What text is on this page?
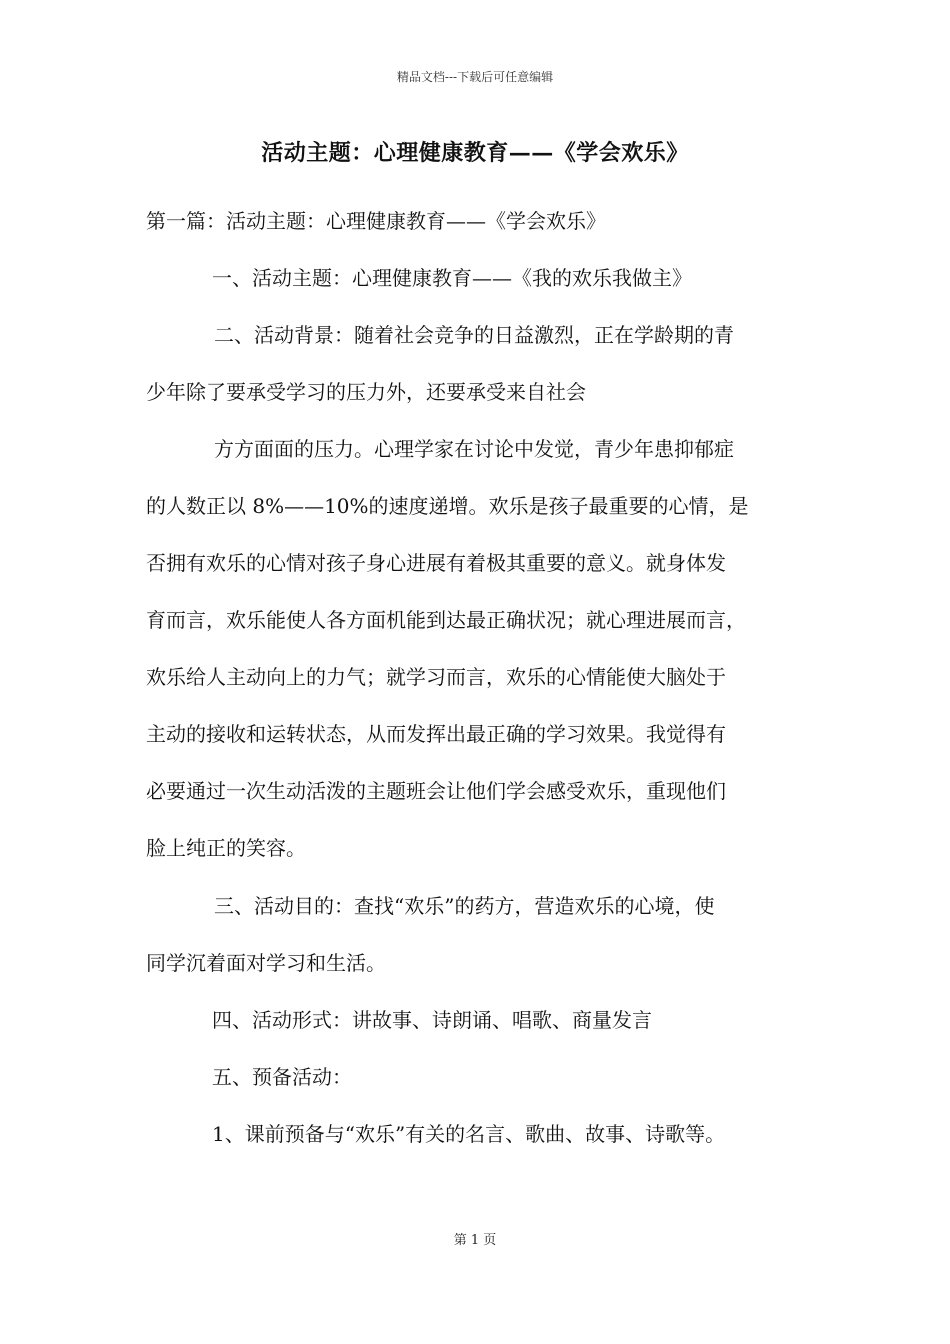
精品文档---下载后可任意编辑
活动主题：心理健康教育——《学会欢乐》

第一篇：活动主题：心理健康教育——《学会欢乐》

一、活动主题：心理健康教育——《我的欢乐我做主》

二、活动背景：随着社会竞争的日益激烈，正在学龄期的青

少年除了要承受学习的压力外，还要承受来自社会

方方面面的压力。心理学家在讨论中发觉，青少年患抑郁症

的人数正以 8%——10%的速度递增。欢乐是孩子最重要的心情，是

否拥有欢乐的心情对孩子身心进展有着极其重要的意义。就身体发

育而言，欢乐能使人各方面机能到达最正确状况；就心理进展而言，

欢乐给人主动向上的力气；就学习而言，欢乐的心情能使大脑处于

主动的接收和运转状态，从而发挥出最正确的学习效果。我觉得有

必要通过一次生动活泼的主题班会让他们学会感受欢乐，重现他们

脸上纯正的笑容。

三、活动目的：查找“欢乐”的药方，营造欢乐的心境，使

同学沉着面对学习和生活。

四、活动形式：讲故事、诗朗诵、唱歌、商量发言

五、预备活动：

1、课前预备与“欢乐”有关的名言、歌曲、故事、诗歌等。

第 1 页
